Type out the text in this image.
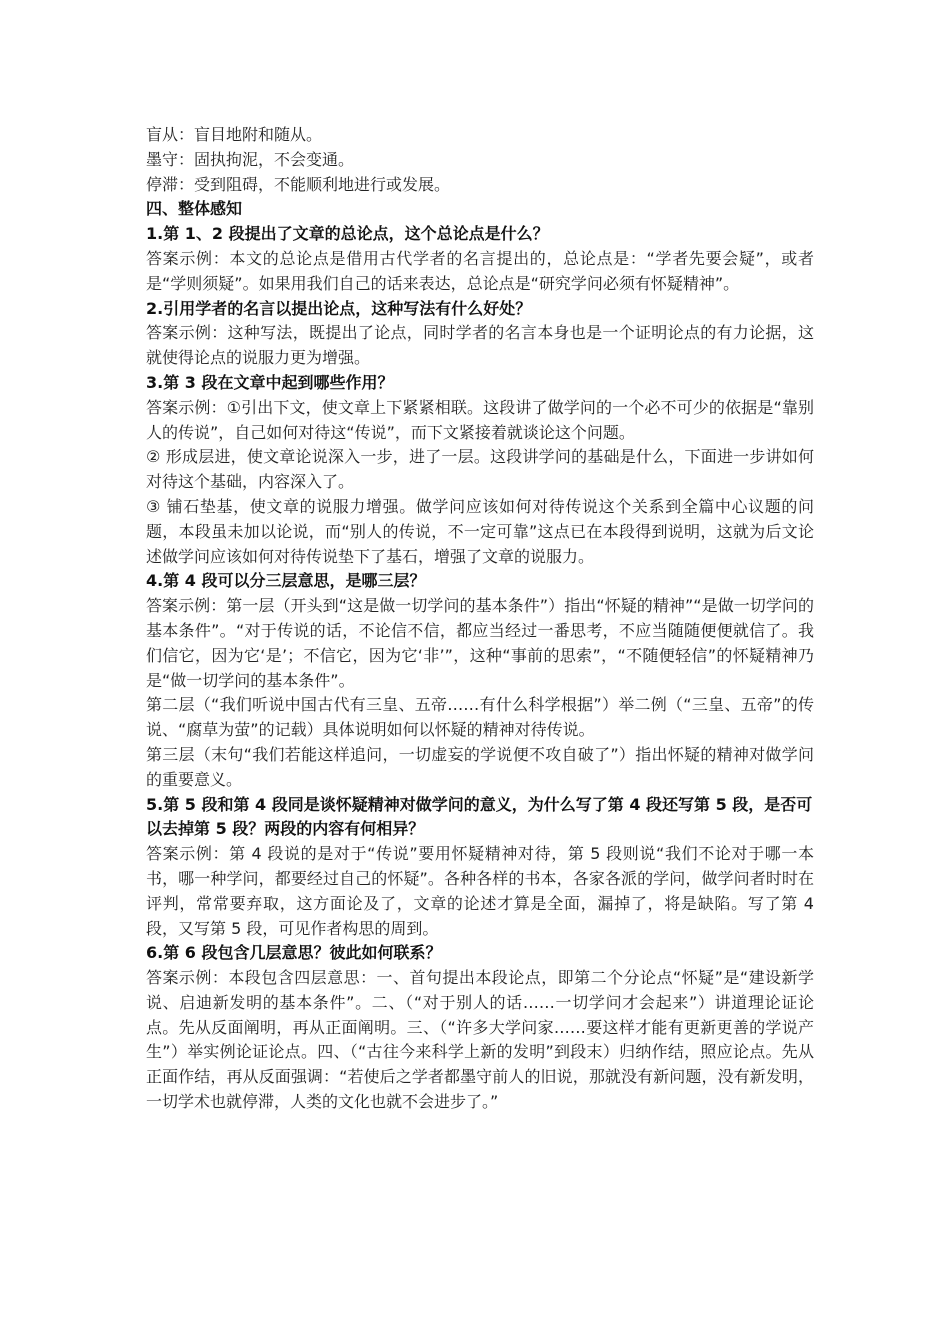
盲从：盲目地附和随从。

墨守：固执拘泥，不会变通。

停滞：受到阻碍，不能顺利地进行或发展。

四、整体感知

1.第 1、2 段提出了文章的总论点，这个总论点是什么？

答案示例：本文的总论点是借用古代学者的名言提出的，总论点是：“学者先要会疑”，或者是“学则须疑”。如果用我们自己的话来表达，总论点是“研究学问必须有怀疑精神”。

2.引用学者的名言以提出论点，这种写法有什么好处？

答案示例：这种写法，既提出了论点，同时学者的名言本身也是一个证明论点的有力论据，这就使得论点的说服力更为增强。

3.第 3 段在文章中起到哪些作用？

答案示例：①引出下文，使文章上下紧紧相联。这段讲了做学问的一个必不可少的依据是“靠别人的传说”，自己如何对待这“传说”，而下文紧接着就谈论这个问题。

② 形成层进，使文章论说深入一步，进了一层。这段讲学问的基础是什么，下面进一步讲如何对待这个基础，内容深入了。

③ 铺石垫基，使文章的说服力增强。做学问应该如何对待传说这个关系到全篇中心议题的问题，本段虽未加以论说，而“别人的传说，不一定可靠”这点已在本段得到说明，这就为后文论述做学问应该如何对待传说垫下了基石，增强了文章的说服力。

4.第 4 段可以分三层意思，是哪三层？

答案示例：第一层（开头到“这是做一切学问的基本条件”）指出“怀疑的精神”“是做一切学问的基本条件”。“对于传说的话，不论信不信，都应当经过一番思考，不应当随随便便就信了。我们信它，因为它‘是’；不信它，因为它‘非’”，这种“事前的思索”，“不随便轻信”的怀疑精神乃是“做一切学问的基本条件”。

第二层（“我们听说中国古代有三皇、五帝……有什么科学根据”）举二例（“三皇、五帝”的传说、“腐草为萤”的记载）具体说明如何以怀疑的精神对待传说。

第三层（末句“我们若能这样追问，一切虚妄的学说便不攻自破了”）指出怀疑的精神对做学问的重要意义。

5.第 5 段和第 4 段同是谈怀疑精神对做学问的意义，为什么写了第 4 段还写第 5 段，是否可以去掉第 5 段？两段的内容有何相异？

答案示例：第 4 段说的是对于“传说”要用怀疑精神对待，第 5 段则说“我们不论对于哪一本书，哪一种学问，都要经过自己的怀疑”。各种各样的书本，各家各派的学问，做学问者时时在评判，常常要弃取，这方面论及了，文章的论述才算是全面，漏掉了，将是缺陷。写了第 4 段，又写第 5 段，可见作者构思的周到。

6.第 6 段包含几层意思？彼此如何联系？

答案示例：本段包含四层意思：一、首句提出本段论点，即第二个分论点“怀疑”是“建设新学说、启迪新发明的基本条件”。二、（“对于别人的话……一切学问才会起来”）讲道理论证论点。先从反面阐明，再从正面阐明。三、（“许多大学问家……要这样才能有更新更善的学说产生”）举实例论证论点。四、（“古往今来科学上新的发明”到段末）归纳作结，照应论点。先从正面作结，再从反面强调：“若使后之学者都墨守前人的旧说，那就没有新问题，没有新发明，一切学术也就停滞，人类的文化也就不会进步了。”
